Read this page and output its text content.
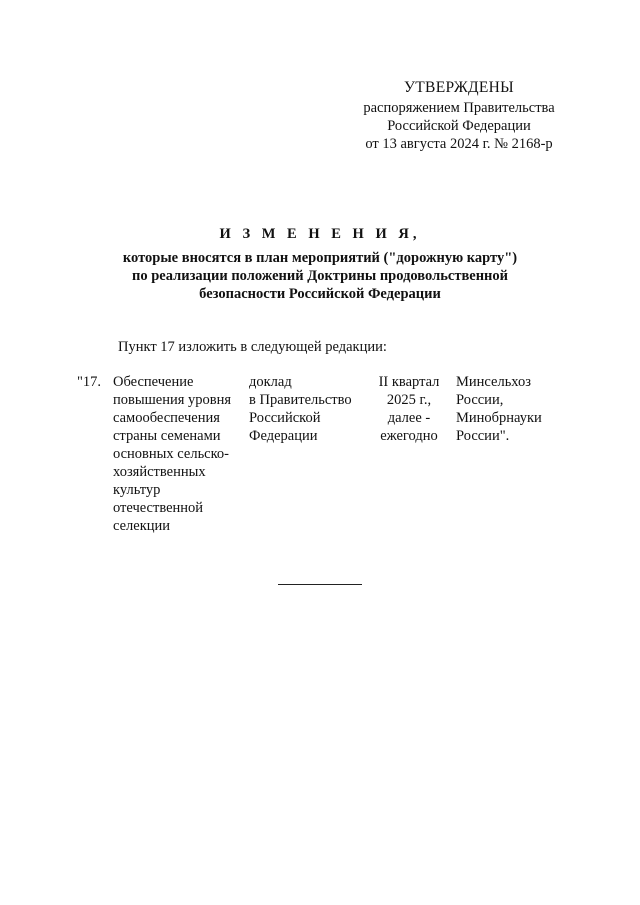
УТВЕРЖДЕНЫ
распоряжением Правительства
Российской Федерации
от 13 августа 2024 г. № 2168-р
И З М Е Н Е Н И Я,
которые вносятся в план мероприятий ("дорожную карту")
по реализации положений Доктрины продовольственной
безопасности Российской Федерации
Пункт 17 изложить в следующей редакции:
"17. Обеспечение
повышения уровня
самообеспечения
страны семенами
основных сельско-
хозяйственных
культур
отечественной
селекции
доклад
в Правительство
Российской
Федерации
II квартал
2025 г.,
далее -
ежегодно
Минсельхоз
России,
Минобрнауки
России".
